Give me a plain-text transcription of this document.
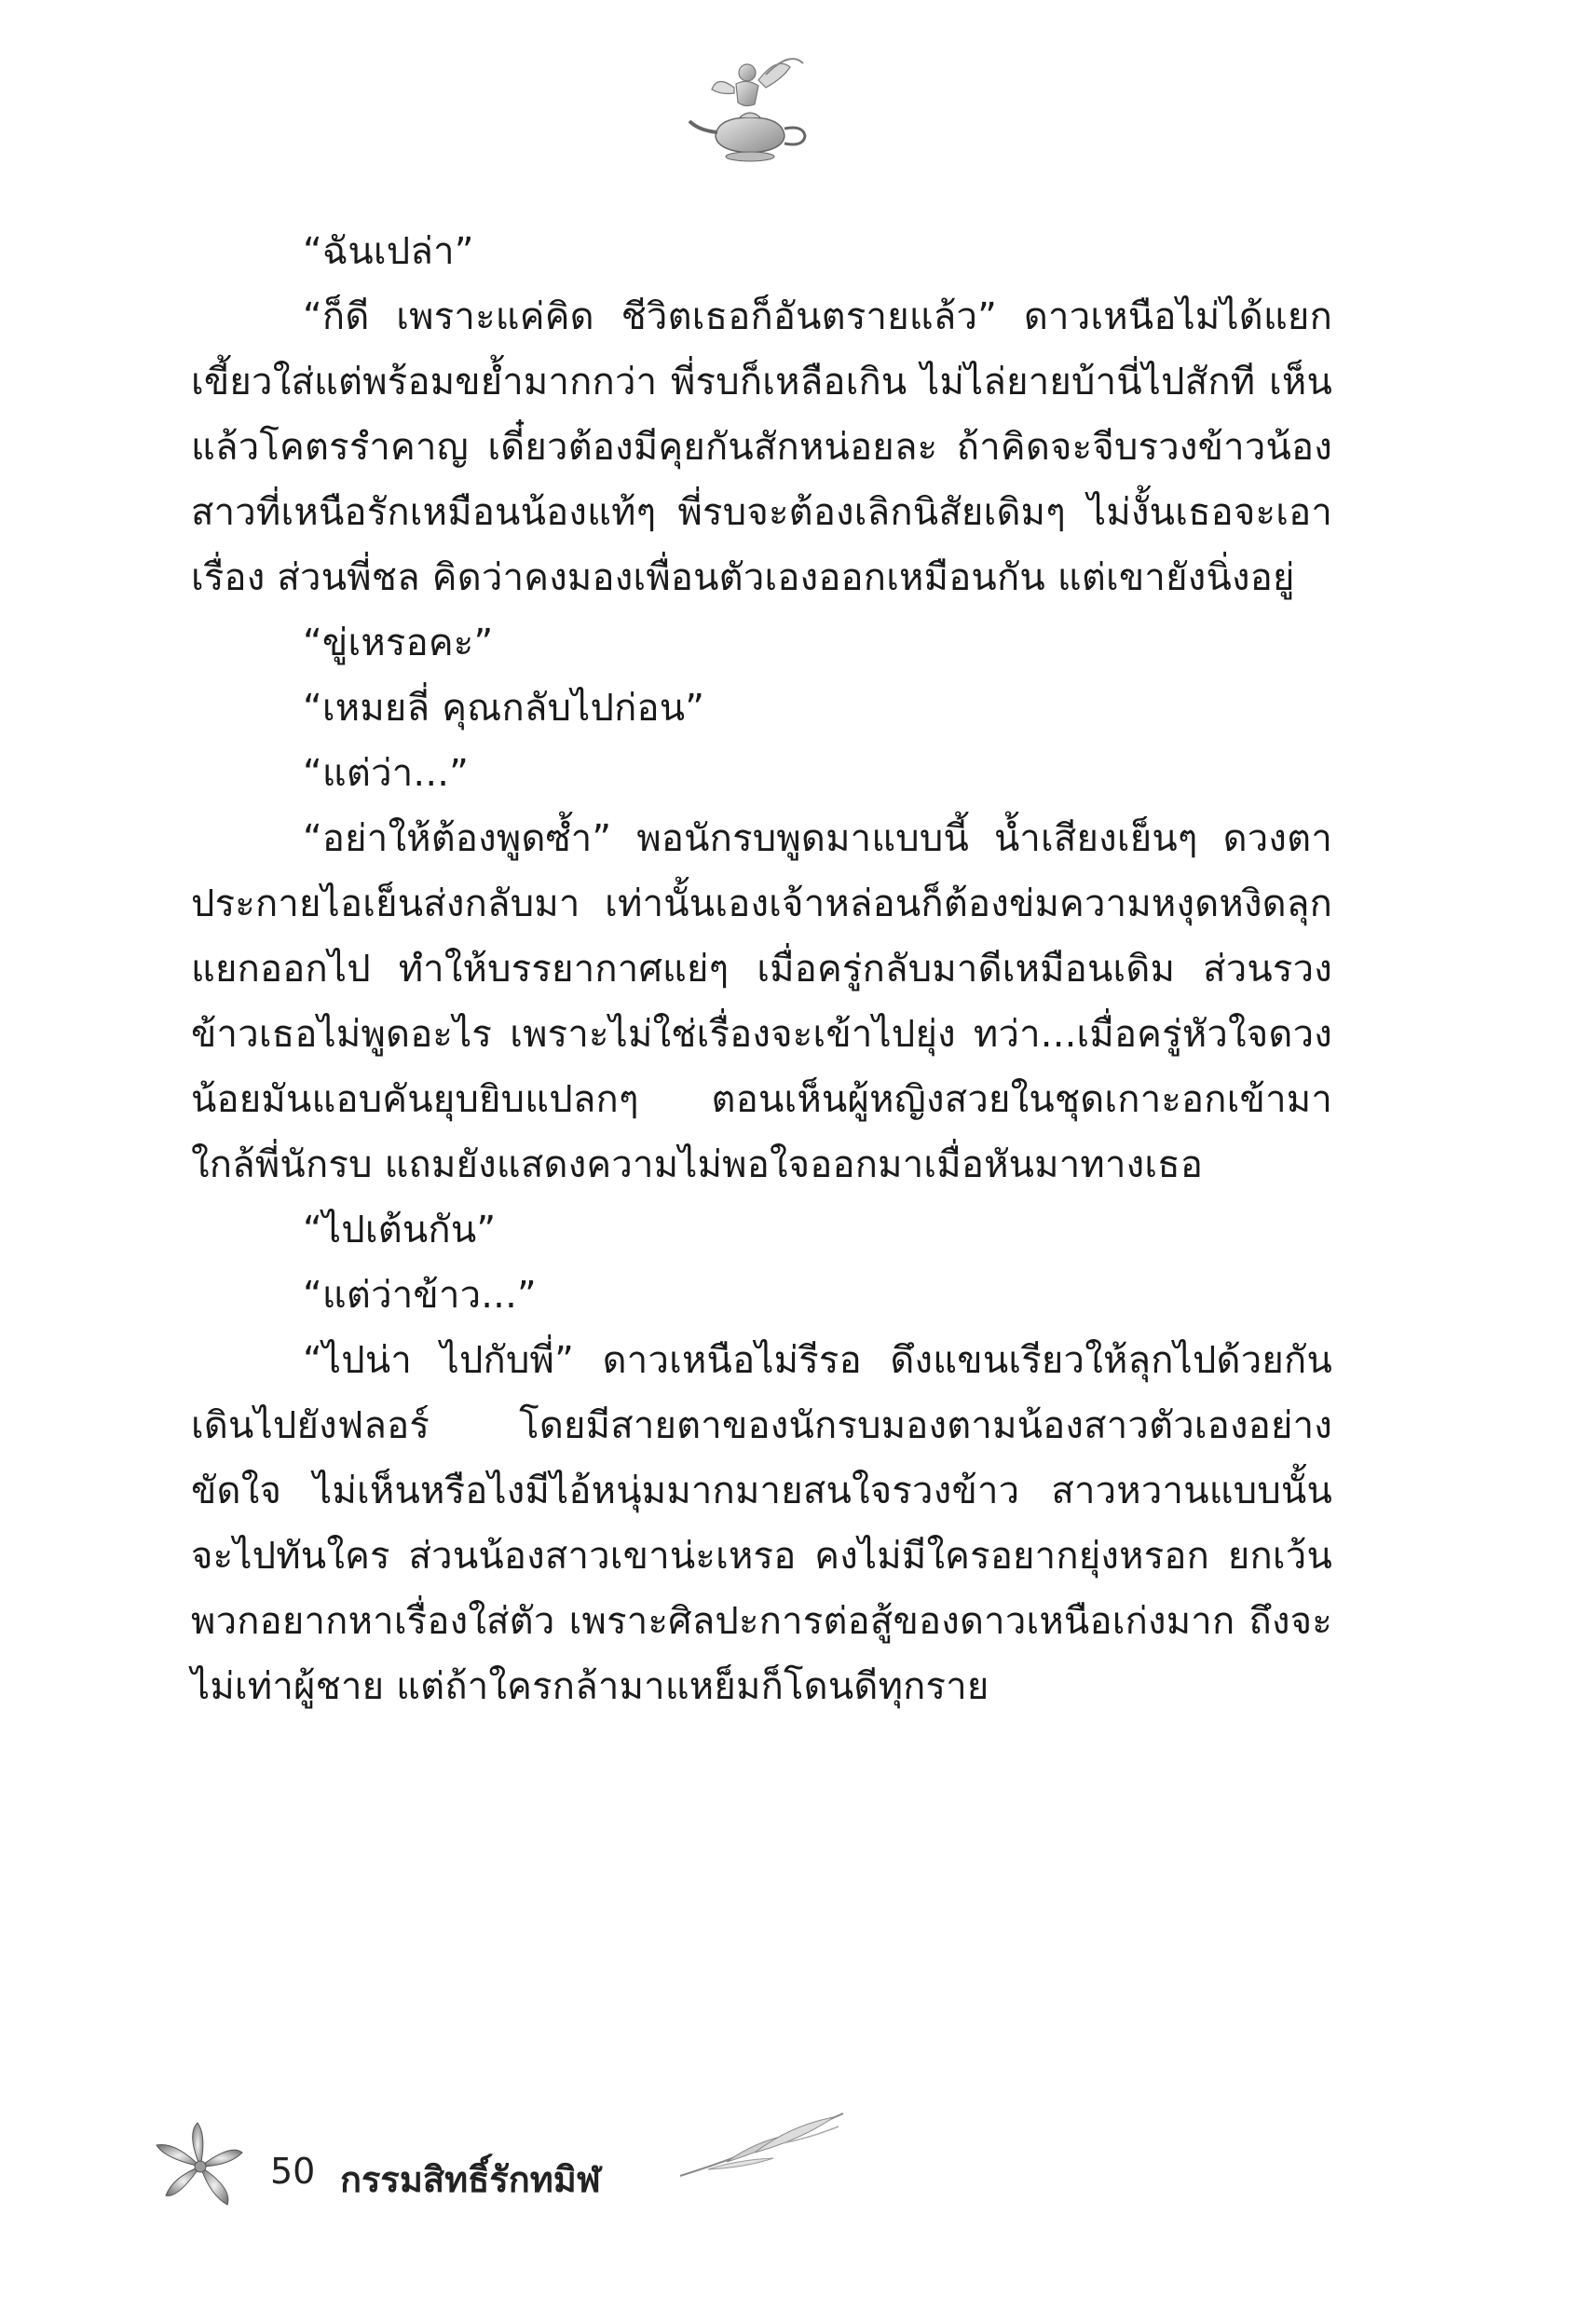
“ฉันเปล่า”

“ก็ดี เพราะแค่คิด ชีวิตเธอก็อันตรายแล้ว” ดาวเหนือไม่ได้แยกเขี้ยวใส่แต่พร้อมขย้ำมากกว่า พี่รบก็เหลือเกิน ไม่ไล่ยายบ้านี่ไปสักที เห็นแล้วโคตรรำคาญ เดี๋ยวต้องมีคุยกันสักหน่อยละ ถ้าคิดจะจีบรวงข้าวน้องสาวที่เหนือรักเหมือนน้องแท้ๆ พี่รบจะต้องเลิกนิสัยเดิมๆ ไม่งั้นเธอจะเอาเรื่อง ส่วนพี่ชล คิดว่าคงมองเพื่อนตัวเองออกเหมือนกัน แต่เขายังนิ่งอยู่

“ขู่เหรอคะ”

“เหมยลี่ คุณกลับไปก่อน”

“แต่ว่า...”

“อย่าให้ต้องพูดซ้ำ” พอนักรบพูดมาแบบนี้ น้ำเสียงเย็นๆ ดวงตาประกายไอเย็นส่งกลับมา เท่านั้นเองเจ้าหล่อนก็ต้องข่มความหงุดหงิดลุกแยกออกไป ทำให้บรรยากาศแย่ๆ เมื่อครู่กลับมาดีเหมือนเดิม ส่วนรวงข้าวเธอไม่พูดอะไร เพราะไม่ใช่เรื่องจะเข้าไปยุ่ง ทว่า...เมื่อครู่หัวใจดวงน้อยมันแอบคันยุบยิบแปลกๆ ตอนเห็นผู้หญิงสวยในชุดเกาะอกเข้ามาใกล้พี่นักรบ แถมยังแสดงความไม่พอใจออกมาเมื่อหันมาทางเธอ

“ไปเต้นกัน”

“แต่ว่าข้าว...”

“ไปน่า ไปกับพี่” ดาวเหนือไม่รีรอ ดึงแขนเรียวให้ลุกไปด้วยกัน เดินไปยังฟลอร์ โดยมีสายตาของนักรบมองตามน้องสาวตัวเองอย่างขัดใจ ไม่เห็นหรือไงมีไอ้หนุ่มมากมายสนใจรวงข้าว สาวหวานแบบนั้นจะไปทันใคร ส่วนน้องสาวเขาน่ะเหรอ คงไม่มีใครอยากยุ่งหรอก ยกเว้นพวกอยากหาเรื่องใส่ตัว เพราะศิลปะการต่อสู้ของดาวเหนือเก่งมาก ถึงจะไม่เท่าผู้ชาย แต่ถ้าใครกล้ามาแหย็มก็โดนดีทุกราย

50 กรรมสิทธิ์รักทมิฬ
